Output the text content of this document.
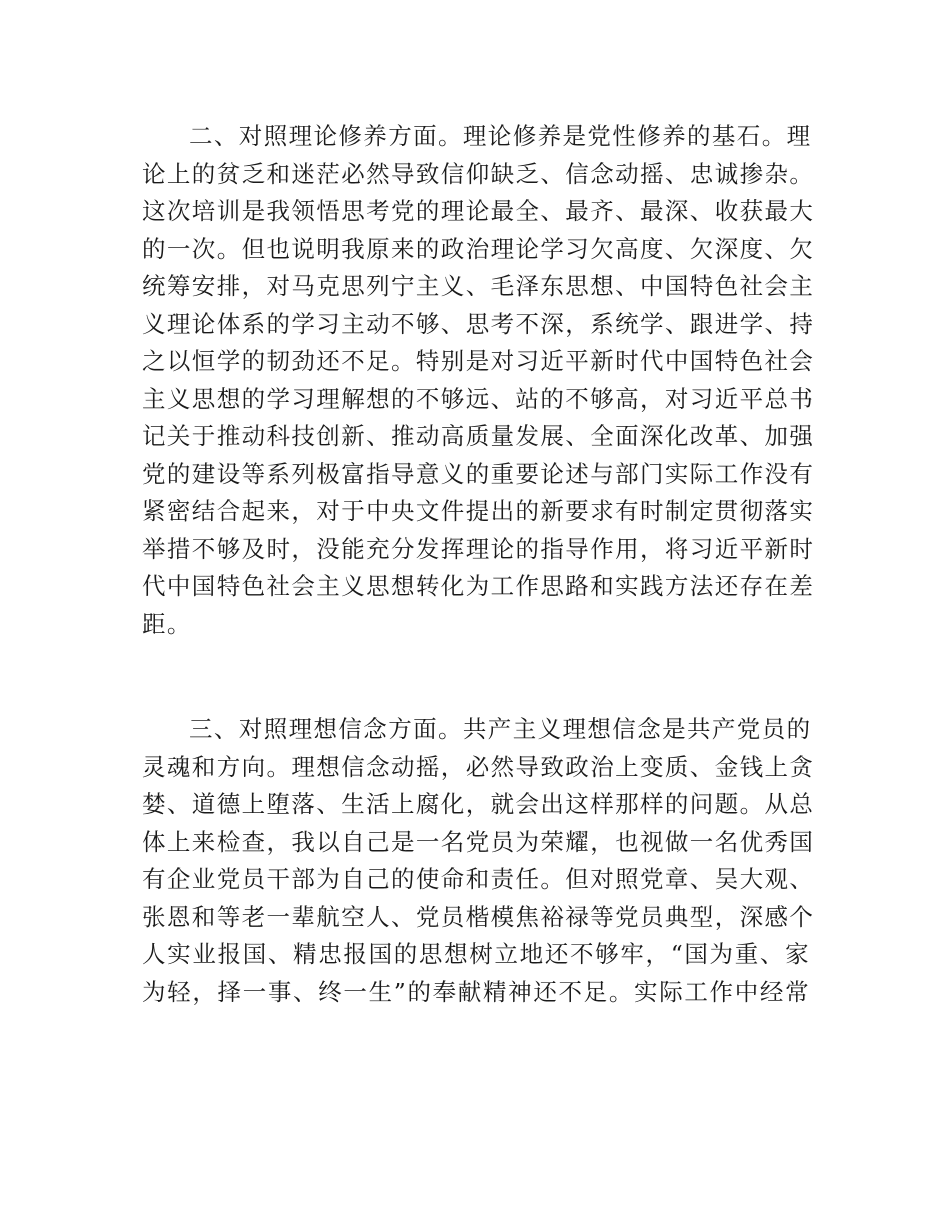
二、对照理论修养方面。理论修养是党性修养的基石。理
论上的贫乏和迷茫必然导致信仰缺乏、信念动摇、忠诚掺杂。
这次培训是我领悟思考党的理论最全、最齐、最深、收获最大
的一次。但也说明我原来的政治理论学习欠高度、欠深度、欠
统筹安排，对马克思列宁主义、毛泽东思想、中国特色社会主
义理论体系的学习主动不够、思考不深，系统学、跟进学、持
之以恒学的韧劲还不足。特别是对习近平新时代中国特色社会
主义思想的学习理解想的不够远、站的不够高，对习近平总书
记关于推动科技创新、推动高质量发展、全面深化改革、加强
党的建设等系列极富指导意义的重要论述与部门实际工作没有
紧密结合起来，对于中央文件提出的新要求有时制定贯彻落实
举措不够及时，没能充分发挥理论的指导作用，将习近平新时
代中国特色社会主义思想转化为工作思路和实践方法还存在差
距。
三、对照理想信念方面。共产主义理想信念是共产党员的
灵魂和方向。理想信念动摇，必然导致政治上变质、金钱上贪
婪、道德上堕落、生活上腐化，就会出这样那样的问题。从总
体上来检查，我以自己是一名党员为荣耀，也视做一名优秀国
有企业党员干部为自己的使命和责任。但对照党章、吴大观、
张恩和等老一辈航空人、党员楷模焦裕禄等党员典型，深感个
人实业报国、精忠报国的思想树立地还不够牢，“国为重、家
为轻，择一事、终一生”的奉献精神还不足。实际工作中经常
